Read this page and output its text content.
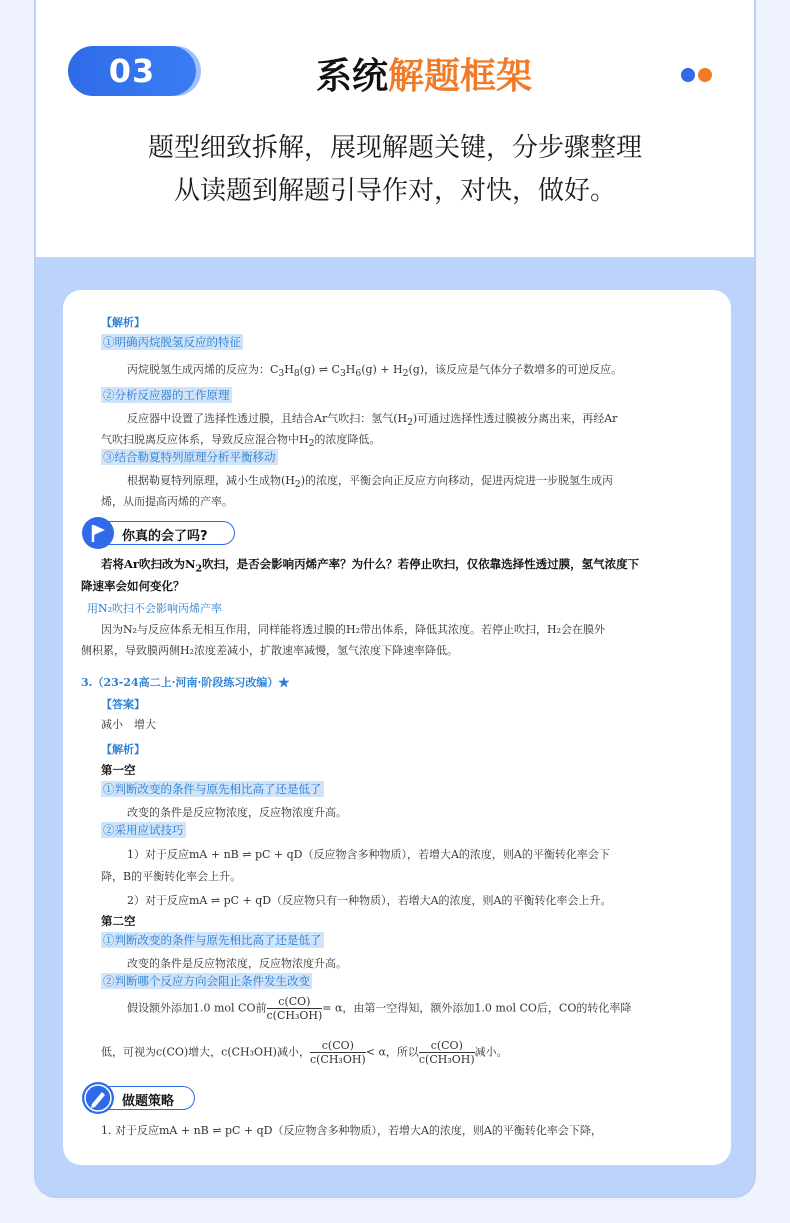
03	系统解题框架
题型细致拆解，展现解题关键，分步骤整理
从读题到解题引导作对，对快，做好。

【解析】

①明确丙烷脱氢反应的特征

丙烷脱氢生成丙烯的反应为：$C_3H_8(g)$ ⇌ $C_3H_6(g) + H_2(g)$，该反应是气体分子数增多的可逆反应。

②分析反应器的工作原理

反应器中设置了选择性透过膜，且结合Ar气吹扫：氢气$(H_2)$可通过选择性透过膜被分离出来，再经Ar

气吹扫脱离反应体系，导致反应混合物中$H_2$的浓度降低。

③结合勒夏特列原理分析平衡移动

根据勒夏特列原理，减小生成物$(H_2)$的浓度，平衡会向正反应方向移动，促进丙烷进一步脱氢生成丙

烯，从而提高丙烯的产率。

你真的会了吗?

若将Ar吹扫改为$N_2$吹扫，是否会影响丙烯产率？为什么？若停止吹扫，仅依靠选择性透过膜，氢气浓度下

降速率会如何变化？

用N₂吹扫不会影响丙烯产率

因为N₂与反应体系无相互作用，同样能将透过膜的H₂带出体系，降低其浓度。若停止吹扫，H₂会在膜外

侧积累，导致膜两侧H₂浓度差减小，扩散速率减慢，氢气浓度下降速率降低。

3.（23-24高二上·河南·阶段练习改编）★

【答案】

减小　增大

【解析】

第一空

①判断改变的条件与原先相比高了还是低了

改变的条件是反应物浓度，反应物浓度升高。

②采用应试技巧

1）对于反应mA + nB ⇌ pC + qD（反应物含多种物质），若增大A的浓度，则A的平衡转化率会下

降，B的平衡转化率会上升。

2）对于反应mA ⇌ pC + qD（反应物只有一种物质），若增大A的浓度，则A的平衡转化率会上升。

第二空

①判断改变的条件与原先相比高了还是低了

改变的条件是反应物浓度，反应物浓度升高。

②判断哪个反应方向会阻止条件发生改变

假设额外添加1.0 mol CO前 $\frac{c(CO)}{\text{c(CH₃OH)}} = \alpha$，由第一空得知，额外添加1.0 mol CO后，CO的转化率降

低，可视为c(CO)增大，c(CH₃OH)减小， $\frac{c(CO)}{\text{c(CH₃OH)}} < \alpha$，所以 $\frac{c(CO)}{\text{c(CH₃OH)}}$ 减小。

做题策略

1. 对于反应mA + nB ⇌ pC + qD（反应物含多种物质），若增大A的浓度，则A的平衡转化率会下降，
